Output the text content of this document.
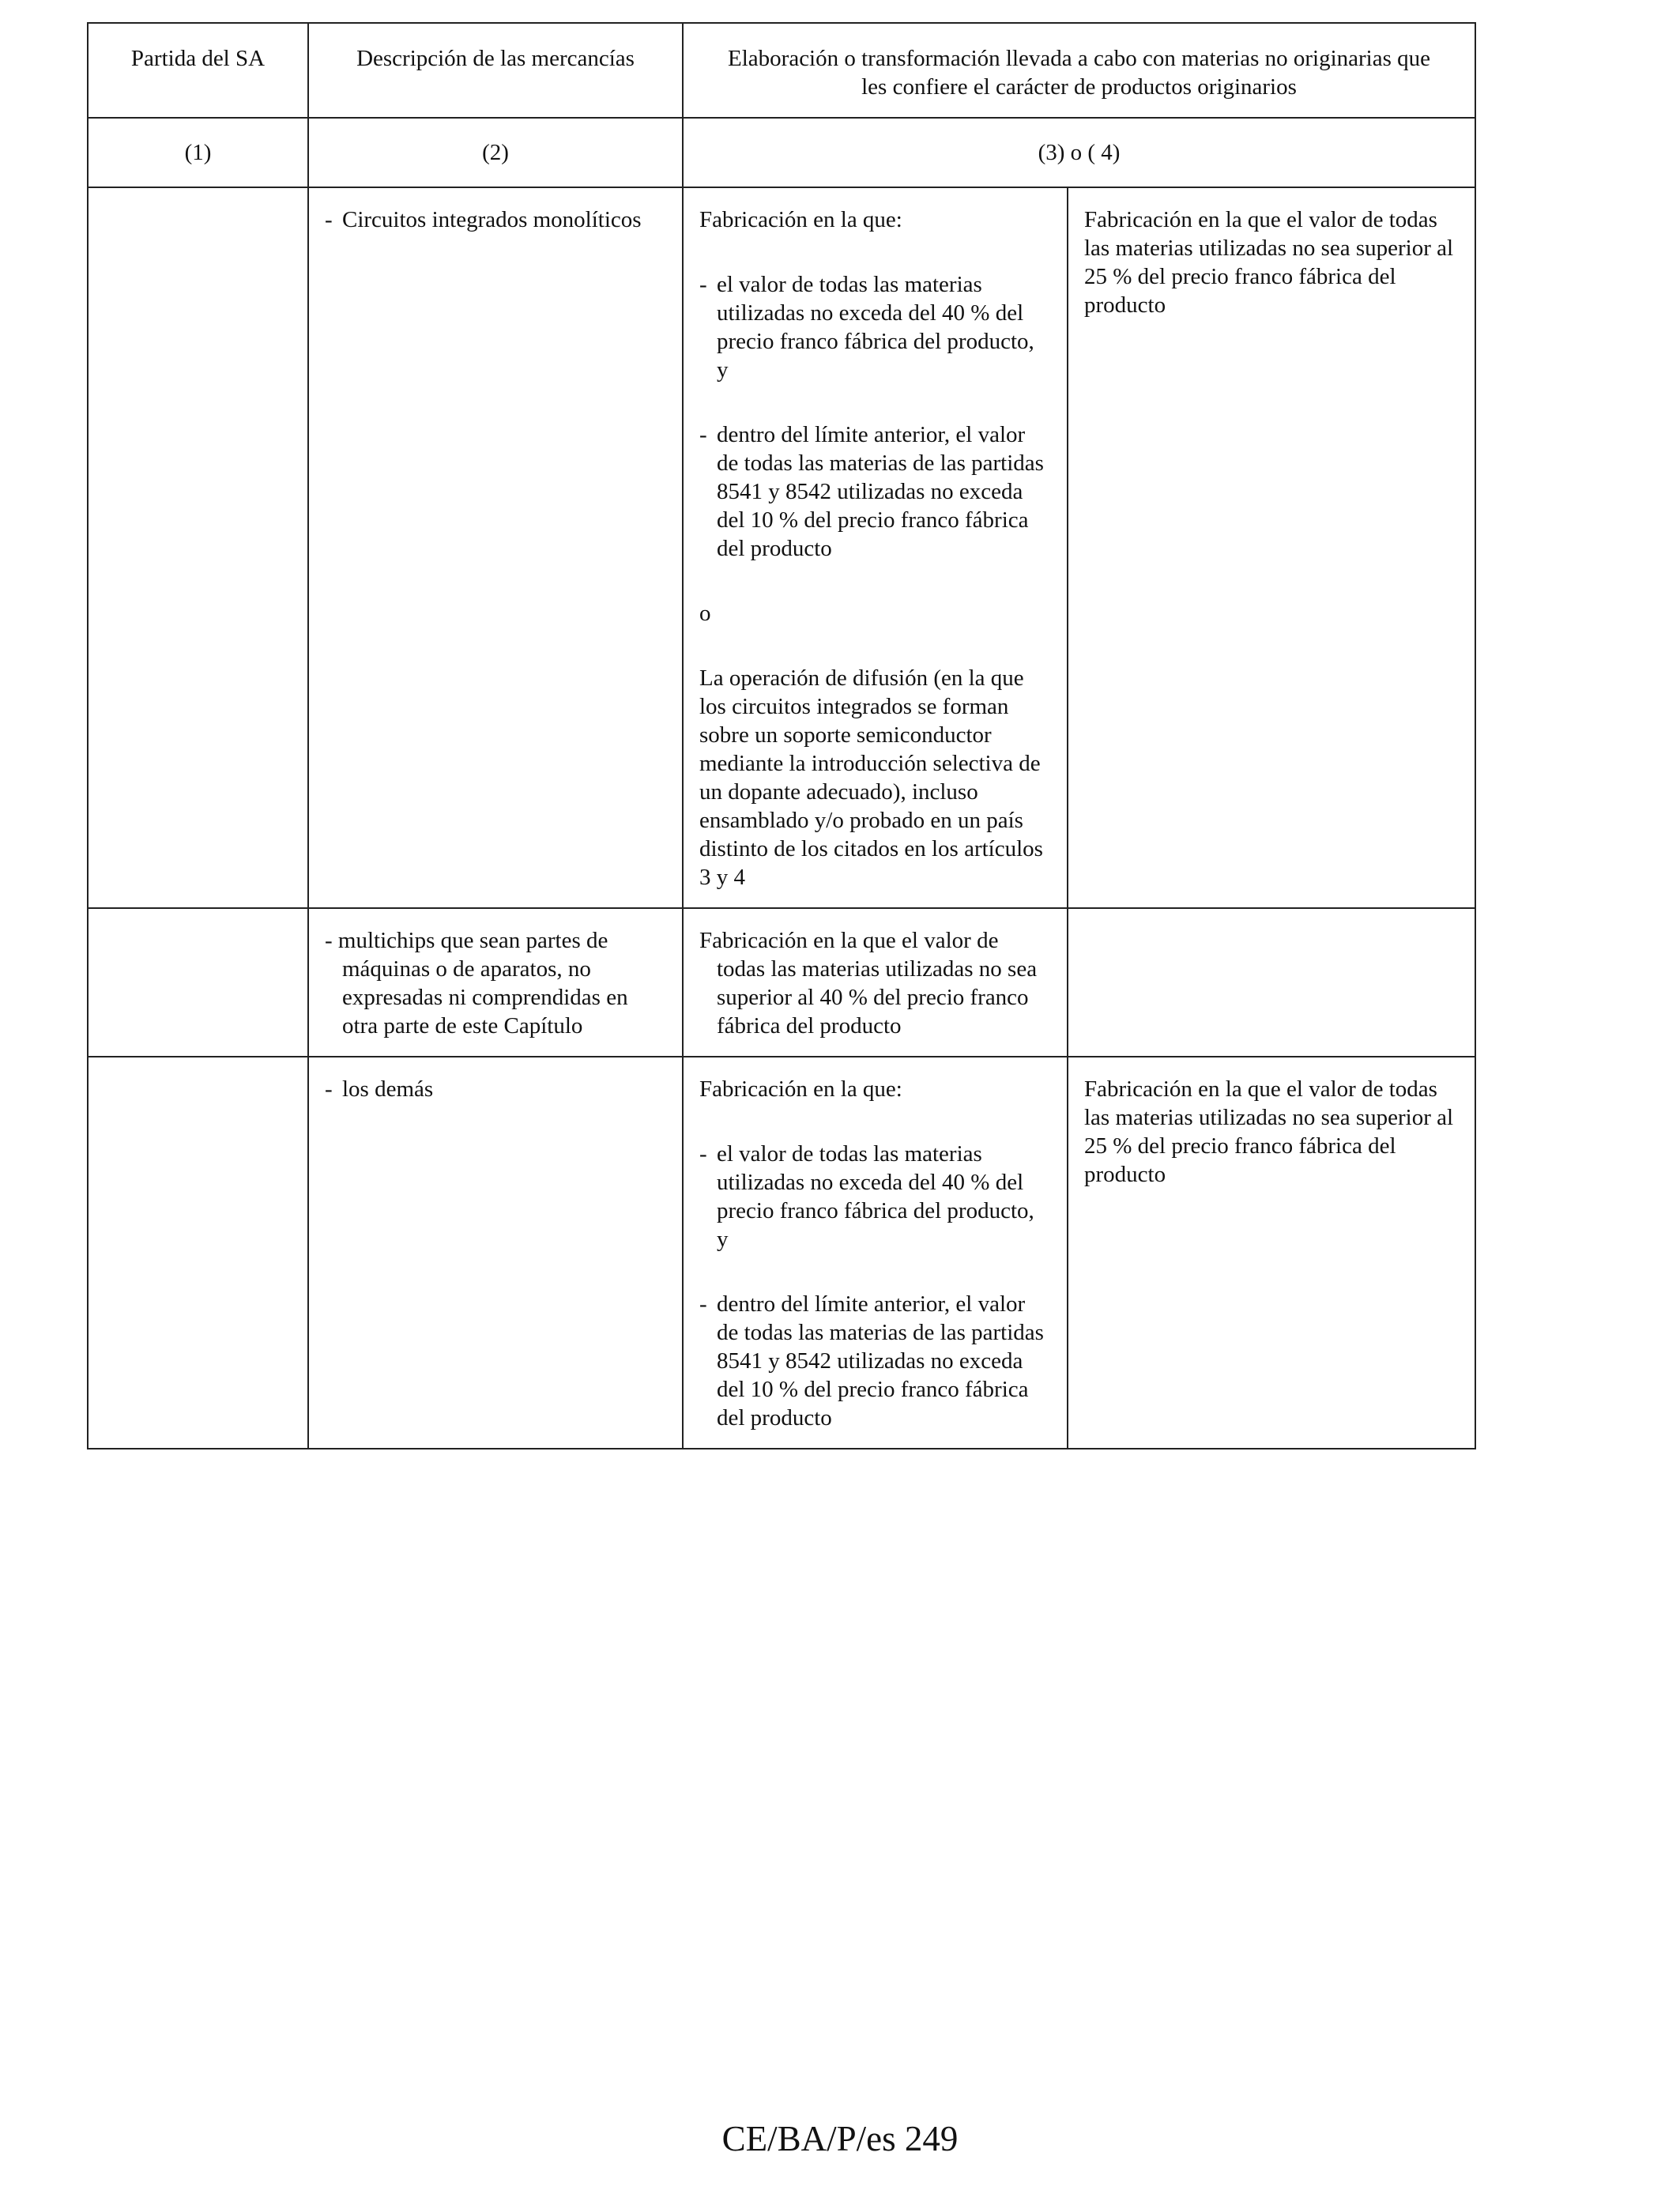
Partida del SA	Descripción de las mercancías	Elaboración o transformación llevada a cabo con materias no originarias que les confiere el carácter de productos originarios	

(1)	(2)	(3) o ( 4)	

	- Circuitos integrados monolíticos	Fabricación en la que:

- el valor de todas las materias utilizadas no exceda del 40 % del precio franco fábrica del producto, y
- dentro del límite anterior, el valor de todas las materias de las partidas 8541 y 8542 utilizadas no exceda del 10 % del precio franco fábrica del producto

o

La operación de difusión (en la que los circuitos integrados se forman sobre un soporte semiconductor mediante la introducción selectiva de un dopante adecuado), incluso ensamblado y/o probado en un país distinto de los citados en los artículos 3 y 4	Fabricación en la que el valor de todas las materias utilizadas no sea superior al 25 % del precio franco fábrica del producto

	- multichips que sean partes de máquinas o de aparatos, no expresadas ni comprendidas en otra parte de este Capítulo	Fabricación en la que el valor de todas las materias utilizadas no sea superior al 40 % del precio franco fábrica del producto	

	- los demás	Fabricación en la que:

- el valor de todas las materias utilizadas no exceda del 40 % del precio franco fábrica del producto, y
- dentro del límite anterior, el valor de todas las materias de las partidas 8541 y 8542 utilizadas no exceda del 10 % del precio franco fábrica del producto	Fabricación en la que el valor de todas las materias utilizadas no sea superior al 25 % del precio franco fábrica del producto

CE/BA/P/es 249
